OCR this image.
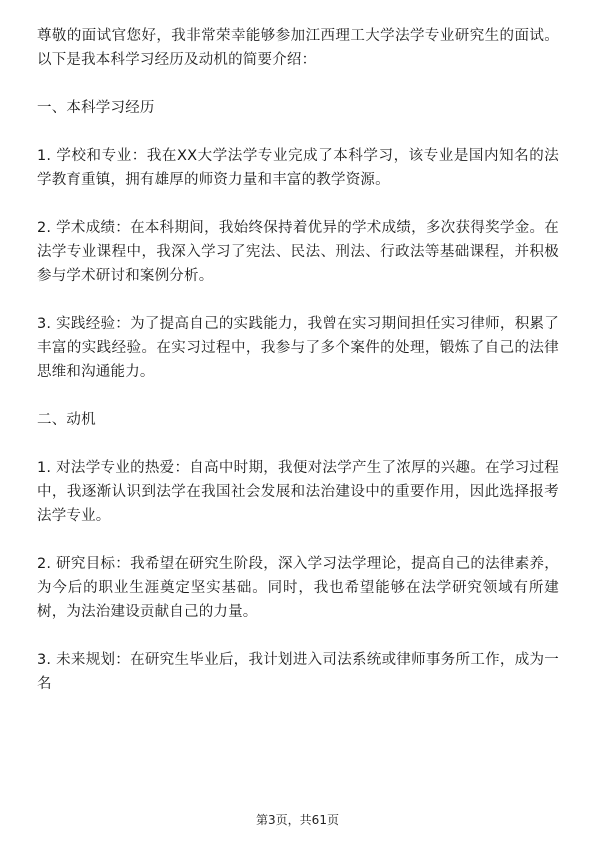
尊敬的面试官您好，我非常荣幸能够参加江西理工大学法学专业研究生的面试。以下是我本科学习经历及动机的简要介绍：

一、本科学习经历

1. 学校和专业：我在XX大学法学专业完成了本科学习，该专业是国内知名的法学教育重镇，拥有雄厚的师资力量和丰富的教学资源。

2. 学术成绩：在本科期间，我始终保持着优异的学术成绩，多次获得奖学金。在法学专业课程中，我深入学习了宪法、民法、刑法、行政法等基础课程，并积极参与学术研讨和案例分析。

3. 实践经验：为了提高自己的实践能力，我曾在实习期间担任实习律师，积累了丰富的实践经验。在实习过程中，我参与了多个案件的处理，锻炼了自己的法律思维和沟通能力。

二、动机

1. 对法学专业的热爱：自高中时期，我便对法学产生了浓厚的兴趣。在学习过程中，我逐渐认识到法学在我国社会发展和法治建设中的重要作用，因此选择报考法学专业。

2. 研究目标：我希望在研究生阶段，深入学习法学理论，提高自己的法律素养，为今后的职业生涯奠定坚实基础。同时，我也希望能够在法学研究领域有所建树，为法治建设贡献自己的力量。

3. 未来规划：在研究生毕业后，我计划进入司法系统或律师事务所工作，成为一名

第3页，共61页
